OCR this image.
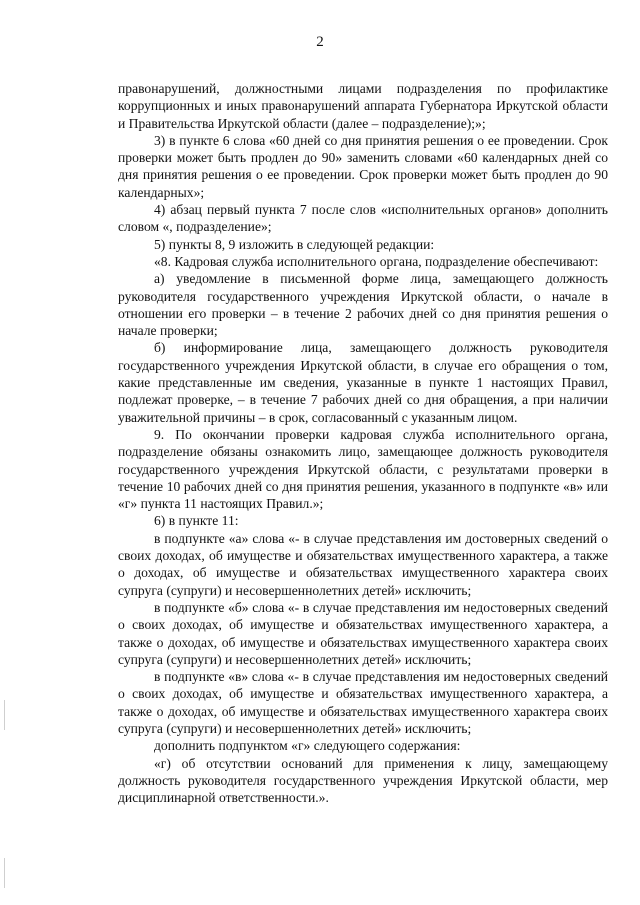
2

правонарушений, должностными лицами подразделения по профилактике коррупционных и иных правонарушений аппарата Губернатора Иркутской области и Правительства Иркутской области (далее – подразделение);»;

3) в пункте 6 слова «60 дней со дня принятия решения о ее проведении. Срок проверки может быть продлен до 90» заменить словами «60 календарных дней со дня принятия решения о ее проведении. Срок проверки может быть продлен до 90 календарных»;

4) абзац первый пункта 7 после слов «исполнительных органов» дополнить словом «, подразделение»;

5) пункты 8, 9 изложить в следующей редакции:

«8. Кадровая служба исполнительного органа, подразделение обеспечивают:

а) уведомление в письменной форме лица, замещающего должность руководителя государственного учреждения Иркутской области, о начале в отношении его проверки – в течение 2 рабочих дней со дня принятия решения о начале проверки;

б) информирование лица, замещающего должность руководителя государственного учреждения Иркутской области, в случае его обращения о том, какие представленные им сведения, указанные в пункте 1 настоящих Правил, подлежат проверке, – в течение 7 рабочих дней со дня обращения, а при наличии уважительной причины – в срок, согласованный с указанным лицом.

9. По окончании проверки кадровая служба исполнительного органа, подразделение обязаны ознакомить лицо, замещающее должность руководителя государственного учреждения Иркутской области, с результатами проверки в течение 10 рабочих дней со дня принятия решения, указанного в подпункте «в» или «г» пункта 11 настоящих Правил.»;

6) в пункте 11:

в подпункте «а» слова «- в случае представления им достоверных сведений о своих доходах, об имуществе и обязательствах имущественного характера, а также о доходах, об имуществе и обязательствах имущественного характера своих супруга (супруги) и несовершеннолетних детей» исключить;

в подпункте «б» слова «- в случае представления им недостоверных сведений о своих доходах, об имуществе и обязательствах имущественного характера, а также о доходах, об имуществе и обязательствах имущественного характера своих супруга (супруги) и несовершеннолетних детей» исключить;

в подпункте «в» слова «- в случае представления им недостоверных сведений о своих доходах, об имуществе и обязательствах имущественного характера, а также о доходах, об имуществе и обязательствах имущественного характера своих супруга (супруги) и несовершеннолетних детей» исключить;

дополнить подпунктом «г» следующего содержания:

«г) об отсутствии оснований для применения к лицу, замещающему должность руководителя государственного учреждения Иркутской области, мер дисциплинарной ответственности.».
